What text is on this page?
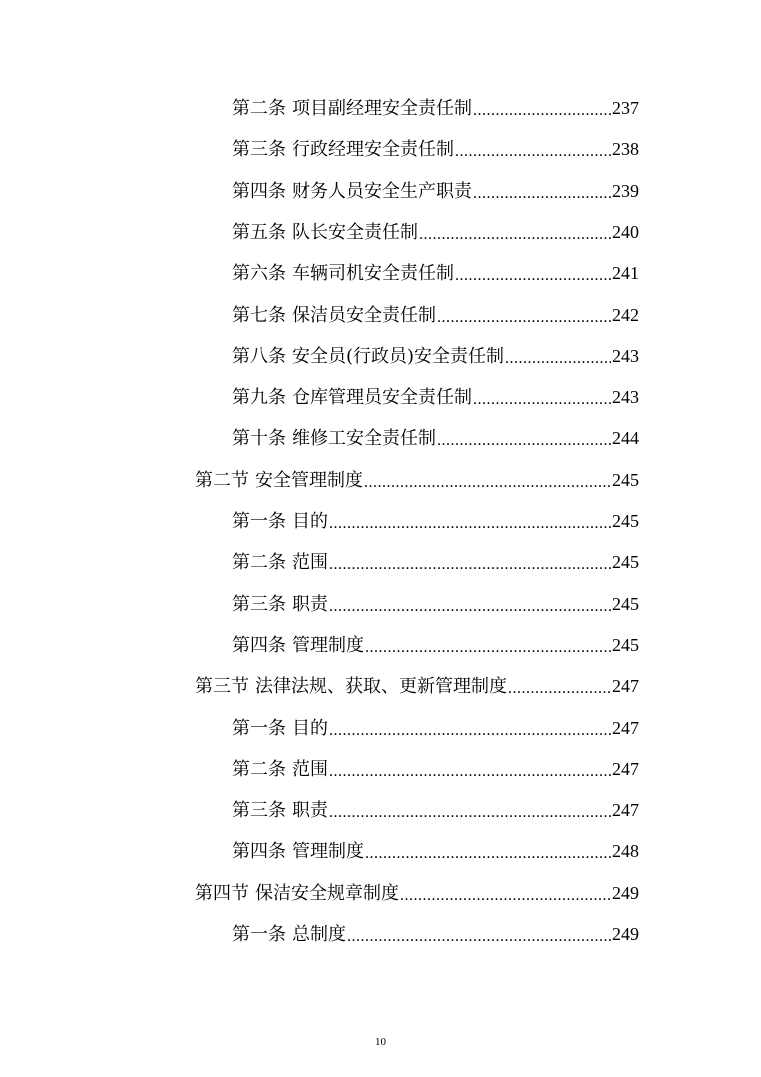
第二条 项目副经理安全责任制 .....	237
第三条 行政经理安全责任制 .....	238
第四条 财务人员安全生产职责 .....	239
第五条 队长安全责任制 .....	240
第六条 车辆司机安全责任制 .....	241
第七条 保洁员安全责任制 .....	242
第八条 安全员(行政员)安全责任制 .....	243
第九条 仓库管理员安全责任制 .....	243
第十条 维修工安全责任制 .....	244
第二节 安全管理制度 .....	245
第一条 目的 .....	245
第二条 范围 .....	245
第三条 职责 .....	245
第四条 管理制度 .....	245
第三节 法律法规、获取、更新管理制度 .....	247
第一条 目的 .....	247
第二条 范围 .....	247
第三条 职责 .....	247
第四条 管理制度 .....	248
第四节 保洁安全规章制度 .....	249
第一条 总制度 .....	249
10
